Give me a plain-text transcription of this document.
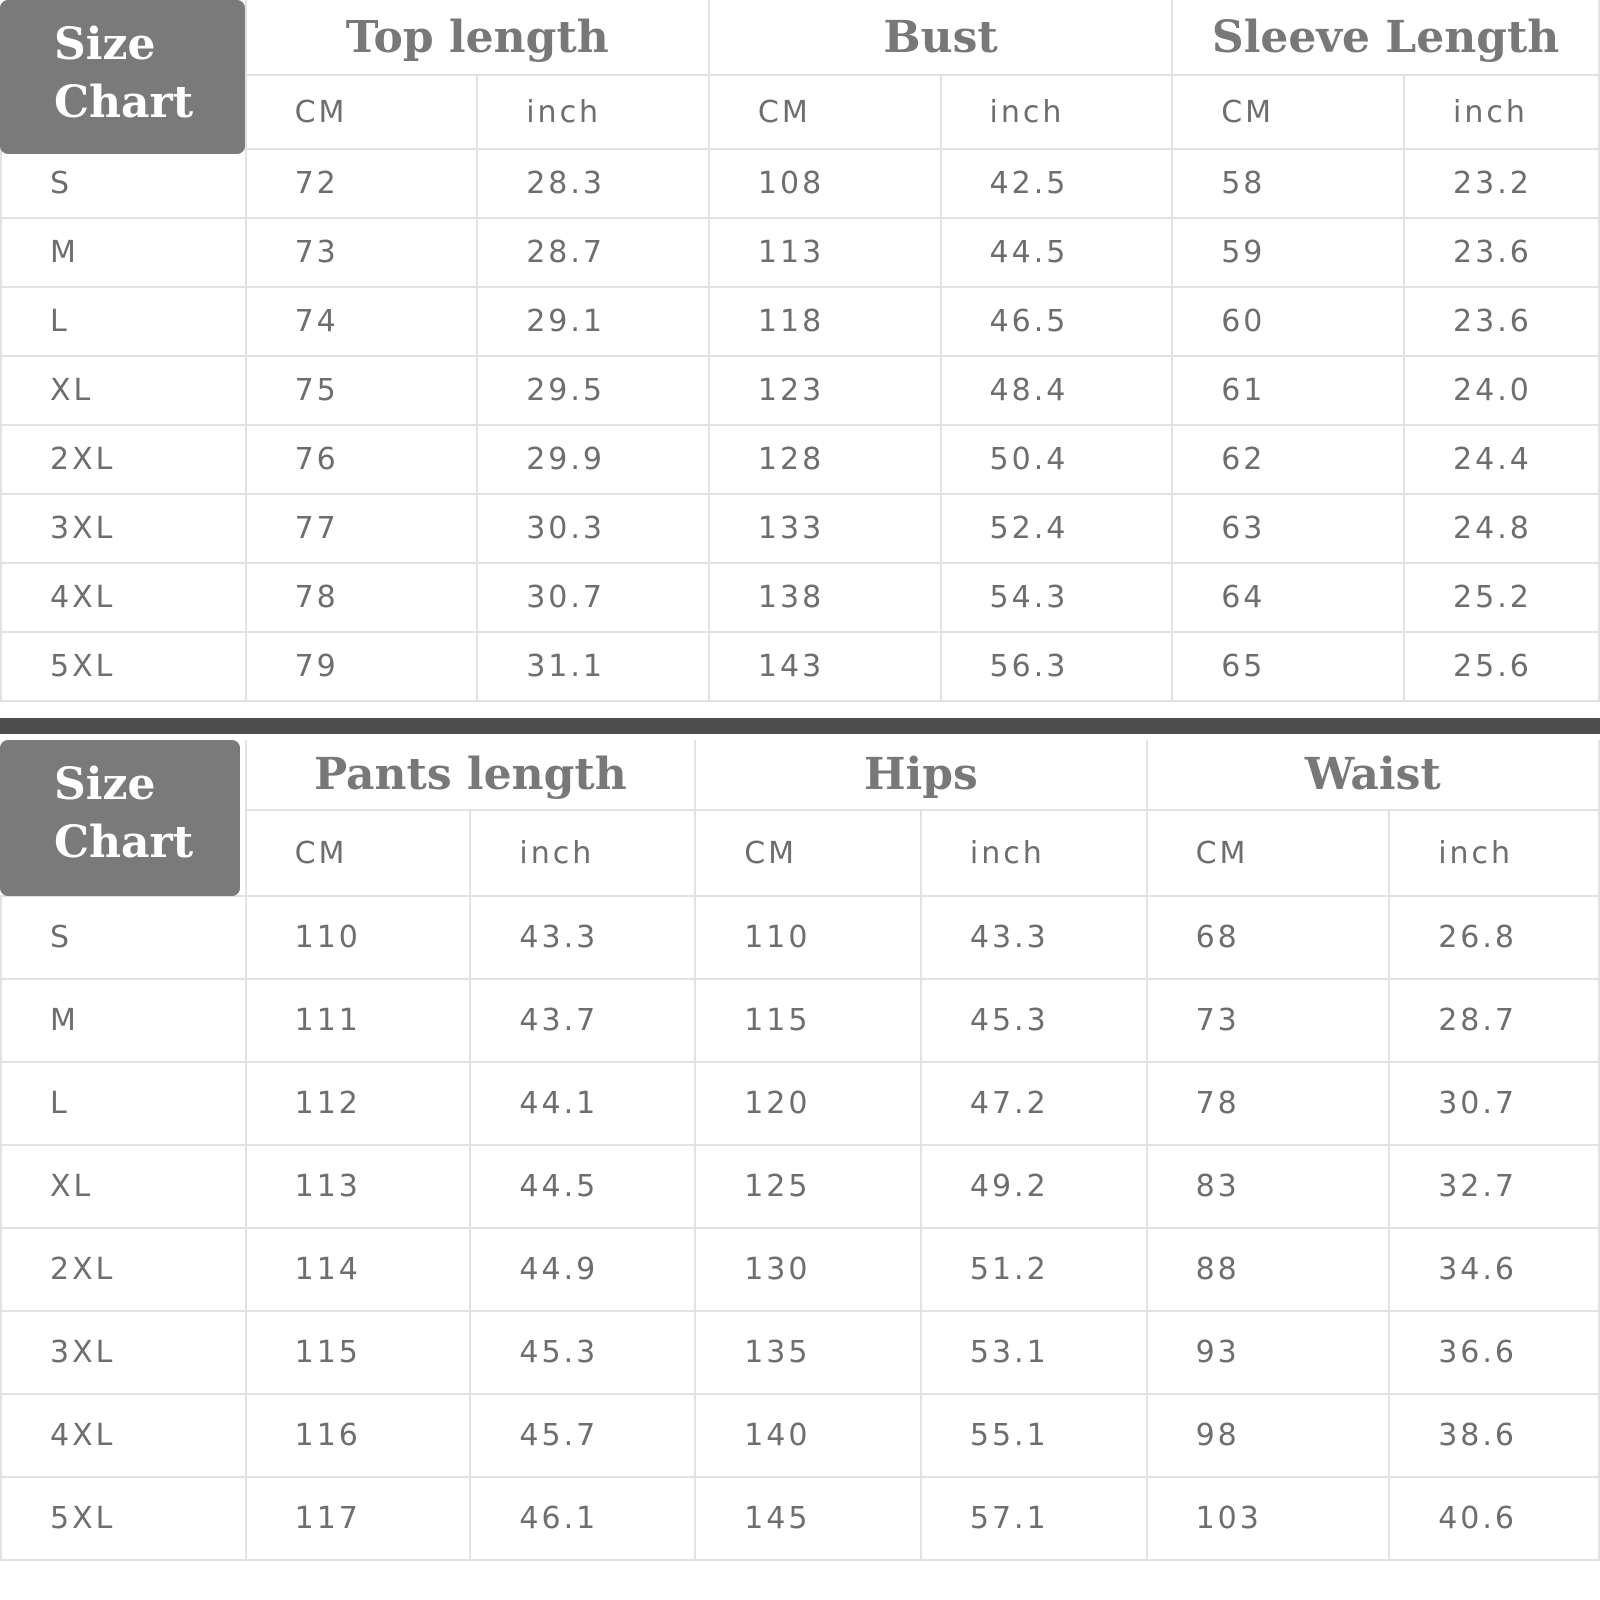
	Top length		Bust		Sleeve Length	
	CM	inch	CM	inch	CM	inch
S	72	28.3	108	42.5	58	23.2
M	73	28.7	113	44.5	59	23.6
L	74	29.1	118	46.5	60	23.6
XL	75	29.5	123	48.4	61	24.0
2XL	76	29.9	128	50.4	62	24.4
3XL	77	30.3	133	52.4	63	24.8
4XL	78	30.7	138	54.3	64	25.2
5XL	79	31.1	143	56.3	65	25.6
Size
Chart
	Pants length		Hips		Waist	
	CM	inch	CM	inch	CM	inch
S	110	43.3	110	43.3	68	26.8
M	111	43.7	115	45.3	73	28.7
L	112	44.1	120	47.2	78	30.7
XL	113	44.5	125	49.2	83	32.7
2XL	114	44.9	130	51.2	88	34.6
3XL	115	45.3	135	53.1	93	36.6
4XL	116	45.7	140	55.1	98	38.6
5XL	117	46.1	145	57.1	103	40.6
Size
Chart
